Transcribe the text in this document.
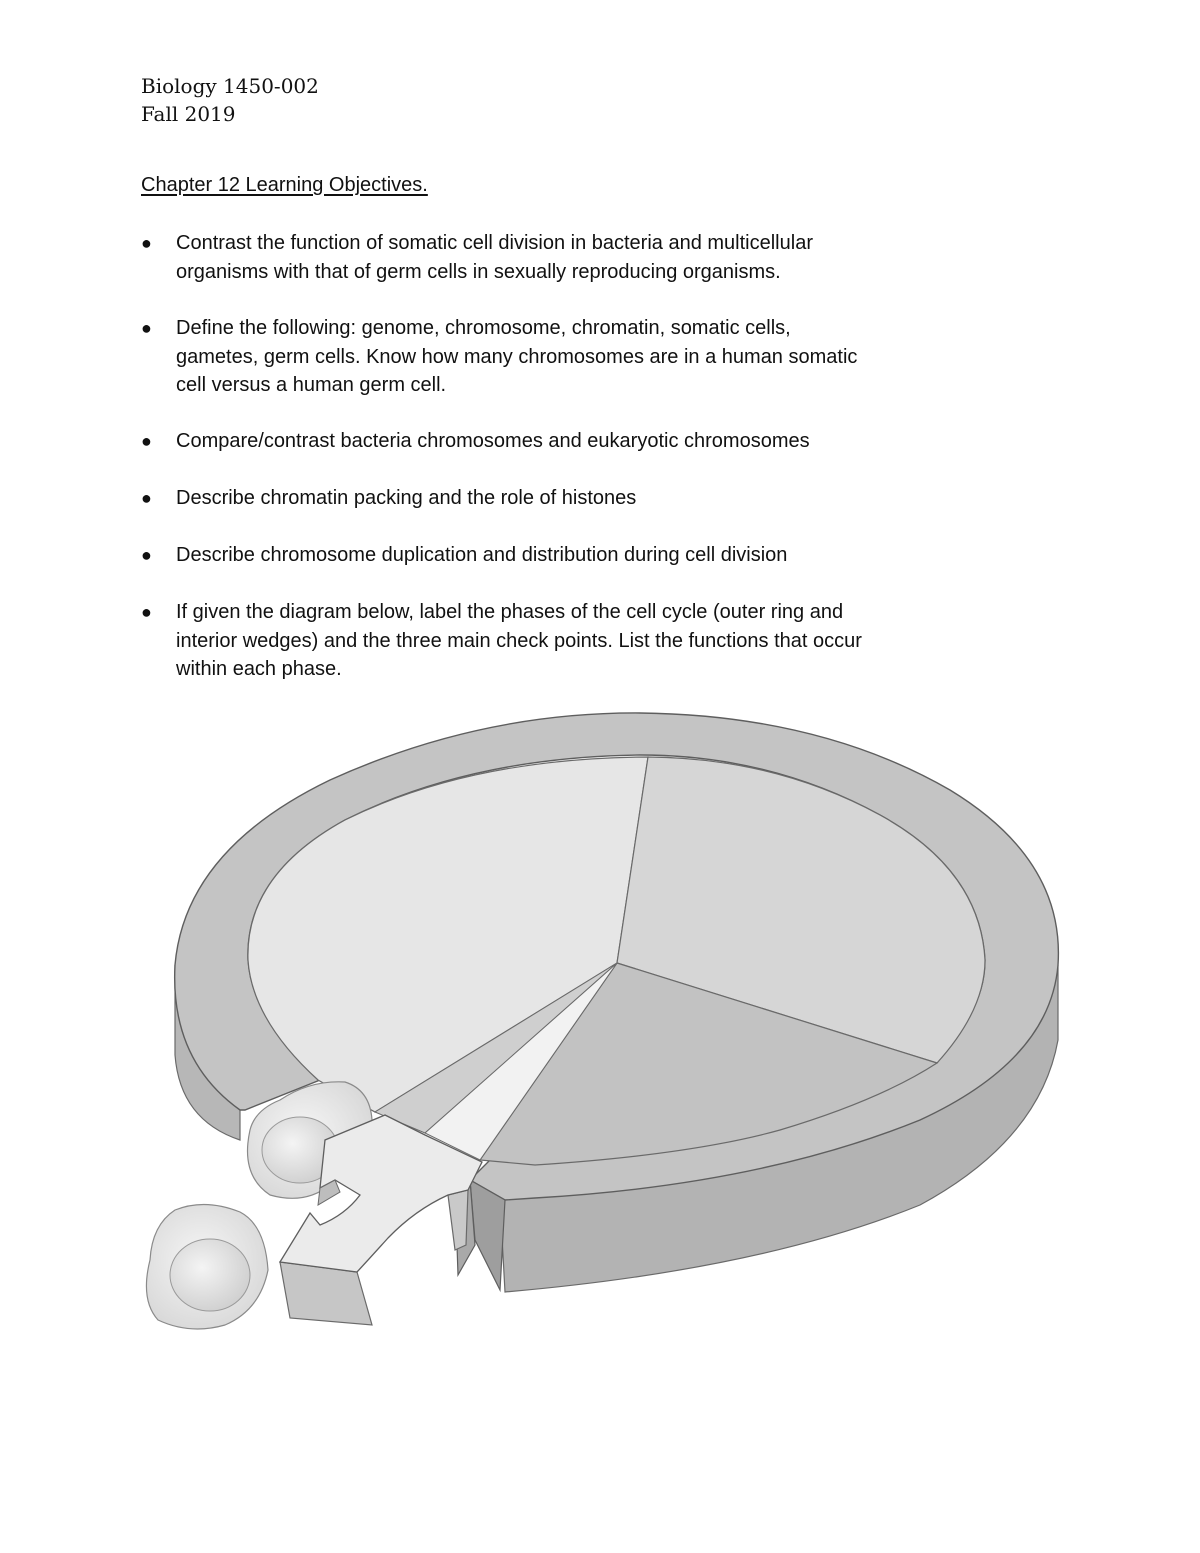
Biology 1450-002
Fall 2019
Chapter 12 Learning Objectives.
●	Contrast the function of somatic cell division in bacteria and multicellular
organisms with that of germ cells in sexually reproducing organisms.
●	Define the following: genome, chromosome, chromatin, somatic cells,
gametes, germ cells. Know how many chromosomes are in a human somatic
cell versus a human germ cell.
●	Compare/contrast bacteria chromosomes and eukaryotic chromosomes
●	Describe chromatin packing and the role of histones
●	Describe chromosome duplication and distribution during cell division
●	If given the diagram below, label the phases of the cell cycle (outer ring and
interior wedges) and the three main check points. List the functions that occur
within each phase.
